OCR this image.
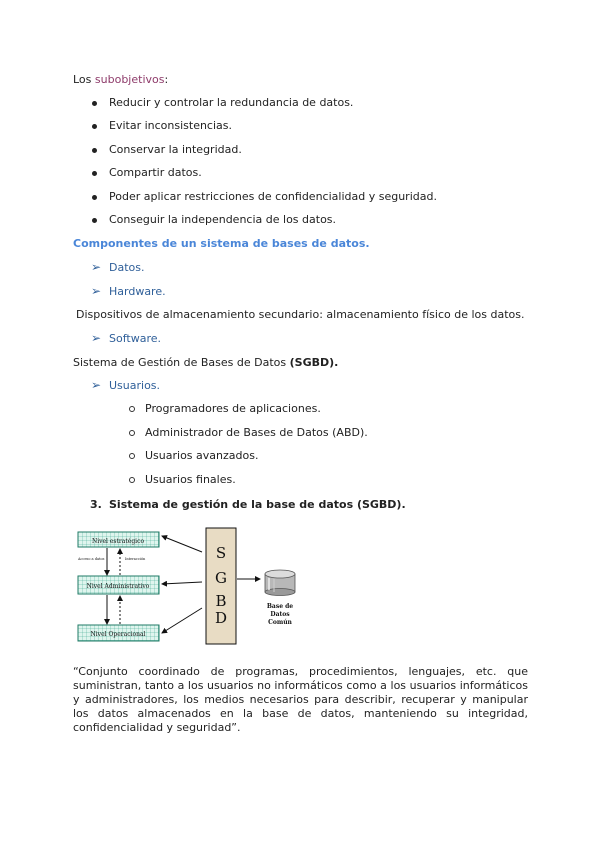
Los subobjetivos:
Reducir y controlar la redundancia de datos.
Evitar inconsistencias.
Conservar la integridad.
Compartir datos.
Poder aplicar restricciones de confidencialidad y seguridad.
Conseguir la independencia de los datos.
Componentes de un sistema de bases de datos.
➢ Datos.
➢ Hardware.
Dispositivos de almacenamiento secundario: almacenamiento físico de los datos.
➢ Software.
Sistema de Gestión de Bases de Datos (SGBD).
➢ Usuarios.
Programadores de aplicaciones.
Administrador de Bases de Datos (ABD).
Usuarios avanzados.
Usuarios finales.
3. Sistema de gestión de la base de datos (SGBD).
Nivel estratégico
Nivel Administrativo
Nivel Operacional
Acceso a datos	Interacción	S
G
B
D
Base de
Datos
Común

“Conjunto coordinado de programas, procedimientos, lenguajes, etc. que suministran, tanto a los usuarios no informáticos como a los usuarios informáticos y administradores, los medios necesarios para describir, recuperar y manipular los datos almacenados en la base de datos, manteniendo su integridad, confidencialidad y seguridad”.
